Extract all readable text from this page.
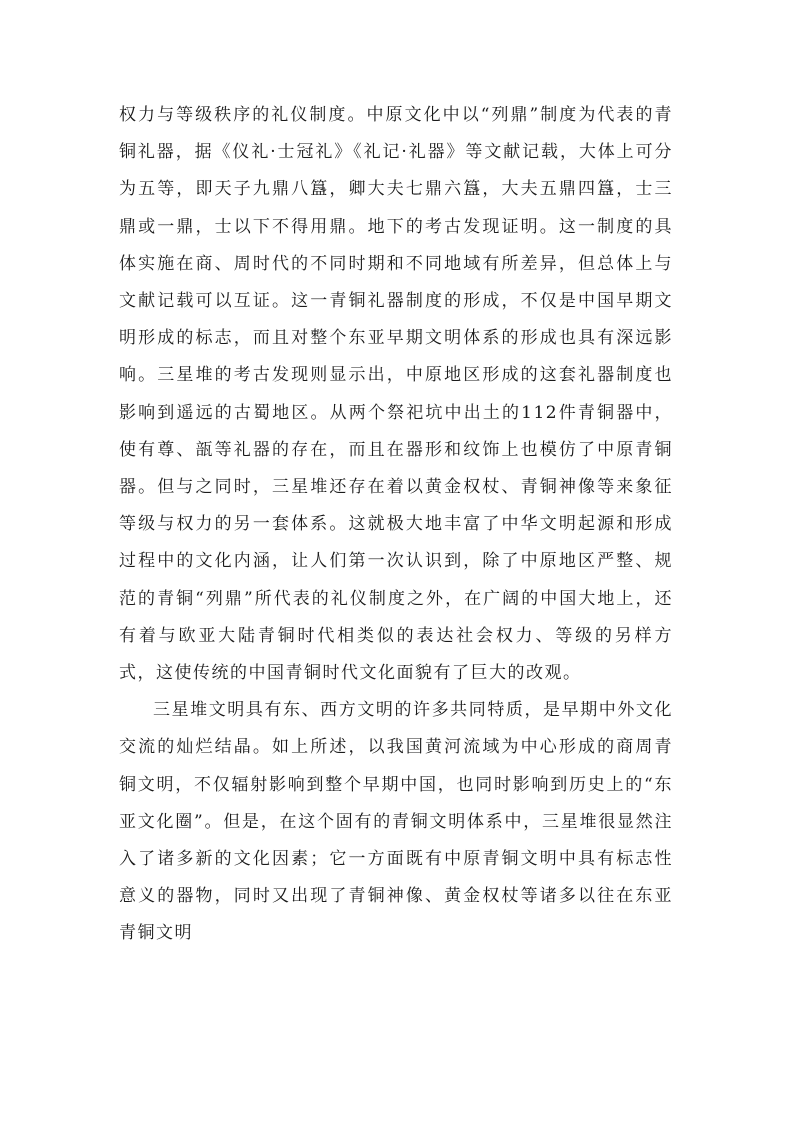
权力与等级秩序的礼仪制度。中原文化中以“列鼎”制度为代表的青铜礼器，据《仪礼·士冠礼》《礼记·礼器》等文献记载，大体上可分为五等，即天子九鼎八簋，卿大夫七鼎六簋，大夫五鼎四簋，士三鼎或一鼎，士以下不得用鼎。地下的考古发现证明。这一制度的具体实施在商、周时代的不同时期和不同地域有所差异，但总体上与文献记载可以互证。这一青铜礼器制度的形成，不仅是中国早期文明形成的标志，而且对整个东亚早期文明体系的形成也具有深远影响。三星堆的考古发现则显示出，中原地区形成的这套礼器制度也影响到遥远的古蜀地区。从两个祭祀坑中出土的112件青铜器中，使有尊、瓿等礼器的存在，而且在器形和纹饰上也模仿了中原青铜器。但与之同时，三星堆还存在着以黄金权杖、青铜神像等来象征等级与权力的另一套体系。这就极大地丰富了中华文明起源和形成过程中的文化内涵，让人们第一次认识到，除了中原地区严整、规范的青铜“列鼎”所代表的礼仪制度之外，在广阔的中国大地上，还有着与欧亚大陆青铜时代相类似的表达社会权力、等级的另样方式，这使传统的中国青铜时代文化面貌有了巨大的改观。

三星堆文明具有东、西方文明的许多共同特质，是早期中外文化交流的灿烂结晶。如上所述，以我国黄河流域为中心形成的商周青铜文明，不仅辐射影响到整个早期中国，也同时影响到历史上的“东亚文化圈”。但是，在这个固有的青铜文明体系中，三星堆很显然注入了诸多新的文化因素；它一方面既有中原青铜文明中具有标志性意义的器物，同时又出现了青铜神像、黄金权杖等诸多以往在东亚青铜文明
